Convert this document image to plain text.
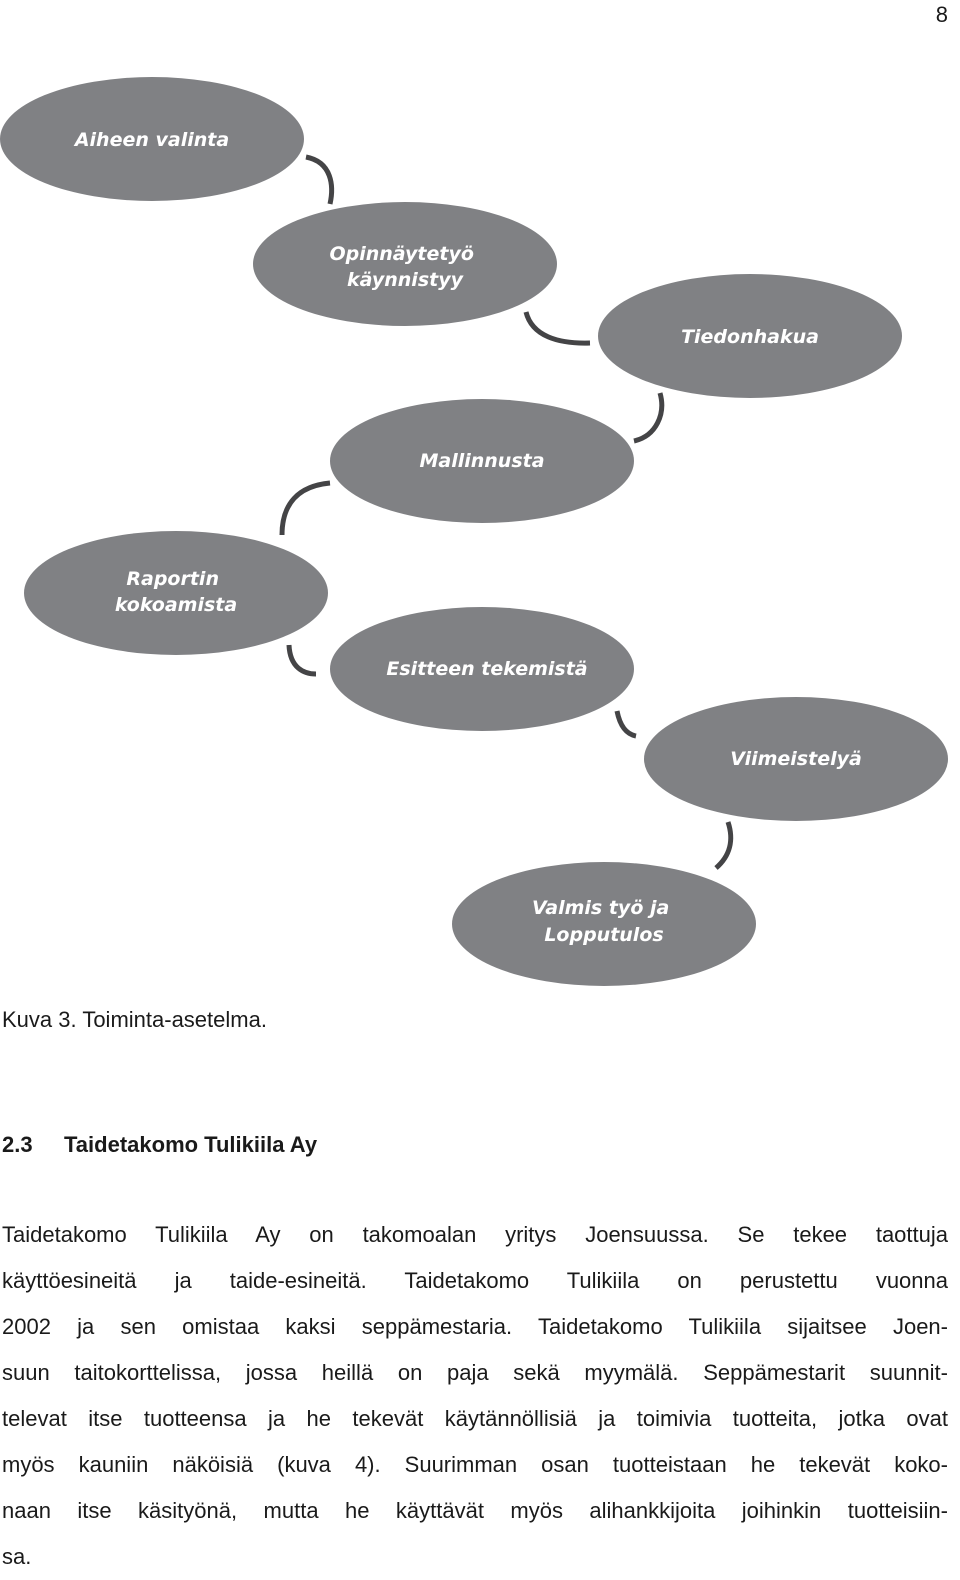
8
Aiheen valinta
Opinnäytetyö käynnistyy
Tiedonhakua
Mallinnusta
Raportin kokoamista
Esitteen tekemistä
Viimeistelyä
Valmis työ ja Lopputulos
Kuva 3. Toiminta-asetelma.
2.3 Taidetakomo Tulikiila Ay
Taidetakomo Tulikiila Ay on takomoalan yritys Joensuussa. Se tekee taottuja
käyttöesineitä ja taide-esineitä. Taidetakomo Tulikiila on perustettu vuonna
2002 ja sen omistaa kaksi seppämestaria. Taidetakomo Tulikiila sijaitsee Joen-
suun taitokorttelissa, jossa heillä on paja sekä myymälä. Seppämestarit suunnit-
televat itse tuotteensa ja he tekevät käytännöllisiä ja toimivia tuotteita, jotka ovat
myös kauniin näköisiä (kuva 4). Suurimman osan tuotteistaan he tekevät koko-
naan itse käsityönä, mutta he käyttävät myös alihankkijoita joihinkin tuotteisiin-
sa.
